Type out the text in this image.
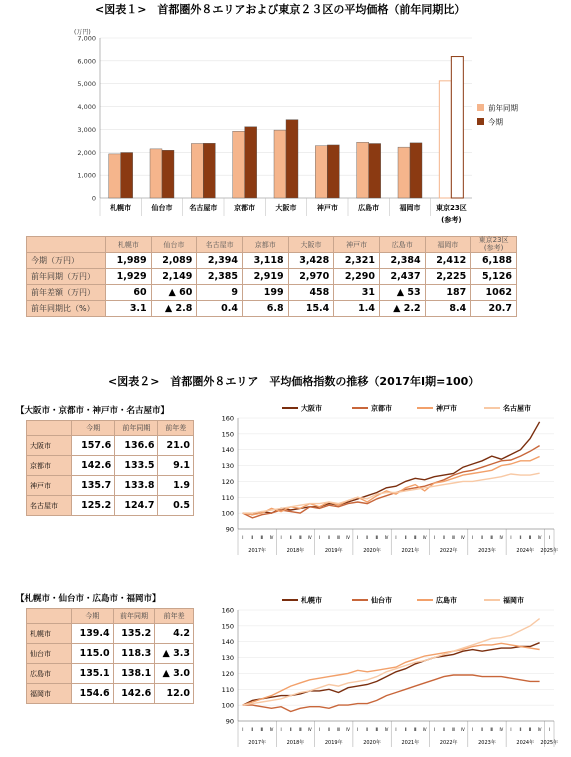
<図表１>　首都圏外８エリアおよび東京２３区の平均価格（前年同期比）
(万円)
0
1,000
2,000
3,000
4,000
5,000
6,000
7,000
札幌市	仙台市 名古屋市 京都市	大阪市	神戸市	広島市	福岡市 東京23区
(参考)
前年同期
今期
	札幌市	仙台市	名古屋市	京都市	大阪市	神戸市	広島市	福岡市	東京23区
(参考)
今期（万円）	1,989	2,089	2,394	3,118	3,428	2,321	2,384	2,412	6,188
前年同期（万円）	1,929	2,149	2,385	2,919	2,970	2,290	2,437	2,225	5,126
前年差額（万円）	60	▲ 60	9	199	458	31	▲ 53	187	1062
前年同期比（%）	3.1	▲ 2.8	0.4	6.8	15.4	1.4	▲ 2.2	8.4	20.7
<図表２>　首都圏外８エリア　平均価格指数の推移（2017年Ⅰ期=100）
【大阪市・京都市・神戸市・名古屋市】
	今期	前年同期	前年差
大阪市	157.6	136.6	21.0
京都市	142.6	133.5	9.1
神戸市	135.7	133.8	1.9
名古屋市	125.2	124.7	0.5
【札幌市・仙台市・広島市・福岡市】
	今期	前年同期	前年差
札幌市	139.4	135.2	4.2
仙台市	115.0	118.3	▲ 3.3
広島市	135.1	138.1	▲ 3.0
福岡市	154.6	142.6	12.0
90
100
110
120
130
140
150
160
Ⅰ Ⅱ Ⅲ Ⅳ Ⅰ Ⅱ Ⅲ Ⅳ Ⅰ Ⅱ Ⅲ Ⅳ Ⅰ Ⅱ Ⅲ Ⅳ Ⅰ Ⅱ Ⅲ Ⅳ Ⅰ Ⅱ Ⅲ Ⅳ Ⅰ Ⅱ Ⅲ Ⅳ Ⅰ Ⅱ Ⅲ Ⅳ Ⅰ
2017年	2018年	2019年	2020年	2021年	2022年	2023年	2024年 2025年
大阪市	京都市	神戸市	名古屋市
90
100
110
120
130
140
150
160
Ⅰ Ⅱ Ⅲ Ⅳ Ⅰ Ⅱ Ⅲ Ⅳ Ⅰ Ⅱ Ⅲ Ⅳ Ⅰ Ⅱ Ⅲ Ⅳ Ⅰ Ⅱ Ⅲ Ⅳ Ⅰ Ⅱ Ⅲ Ⅳ Ⅰ Ⅱ Ⅲ Ⅳ Ⅰ Ⅱ Ⅲ Ⅳ Ⅰ
2017年	2018年	2019年	2020年	2021年	2022年	2023年	2024年 2025年
札幌市	仙台市	広島市	福岡市
